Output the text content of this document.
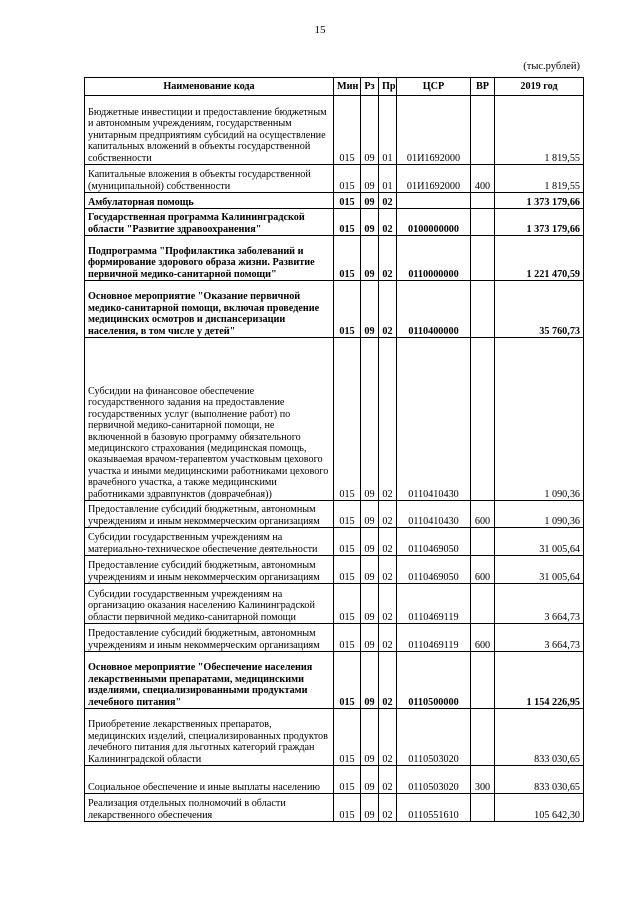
15
(тыс.рублей)
Наименование кода	Мин	Рз	Пр	ЦСР	ВР	2019 год
Бюджетные инвестиции и предоставление бюджетным и автономным учреждениям, государственным унитарным предприятиям субсидий на осуществление капитальных вложений в объекты государственной собственности	015	09	01	01И1692000		1 819,55
Капитальные вложения в объекты государственной (муниципальной) собственности	015	09	01	01И1692000	400	1 819,55
Амбулаторная помощь	015	09	02			1 373 179,66
Государственная программа Калининградской области "Развитие здравоохранения"	015	09	02	0100000000		1 373 179,66
Подпрограмма "Профилактика заболеваний и формирование здорового образа жизни. Развитие первичной медико-санитарной помощи"	015	09	02	0110000000		1 221 470,59
Основное мероприятие "Оказание первичной медико-санитарной помощи, включая проведение медицинских осмотров и диспансеризации населения, в том числе у детей"	015	09	02	0110400000		35 760,73
Субсидии на финансовое обеспечение государственного задания на предоставление государственных услуг (выполнение работ) по первичной медико-санитарной помощи, не включенной в базовую программу обязательного медицинского страхования (медицинская помощь, оказываемая врачом-терапевтом участковым цехового участка и иными медицинскими работниками цехового врачебного участка, а также медицинскими работниками здравпунктов (доврачебная))	015	09	02	0110410430		1 090,36
Предоставление субсидий бюджетным, автономным учреждениям и иным некоммерческим организациям	015	09	02	0110410430	600	1 090,36
Субсидии государственным учреждениям на материально-техническое обеспечение деятельности	015	09	02	0110469050		31 005,64
Предоставление субсидий бюджетным, автономным учреждениям и иным некоммерческим организациям	015	09	02	0110469050	600	31 005,64
Субсидии государственным учреждениям на организацию оказания населению Калининградской области первичной медико-санитарной помощи	015	09	02	0110469119		3 664,73
Предоставление субсидий бюджетным, автономным учреждениям и иным некоммерческим организациям	015	09	02	0110469119	600	3 664,73
Основное мероприятие "Обеспечение населения лекарственными препаратами, медицинскими изделиями, специализированными продуктами лечебного питания"	015	09	02	0110500000		1 154 226,95
Приобретение лекарственных препаратов, медицинских изделий, специализированных продуктов лечебного питания для льготных категорий граждан Калининградской области	015	09	02	0110503020		833 030,65
Социальное обеспечение и иные выплаты населению	015	09	02	0110503020	300	833 030,65
Реализация отдельных полномочий в области лекарственного обеспечения	015	09	02	0110551610		105 642,30
